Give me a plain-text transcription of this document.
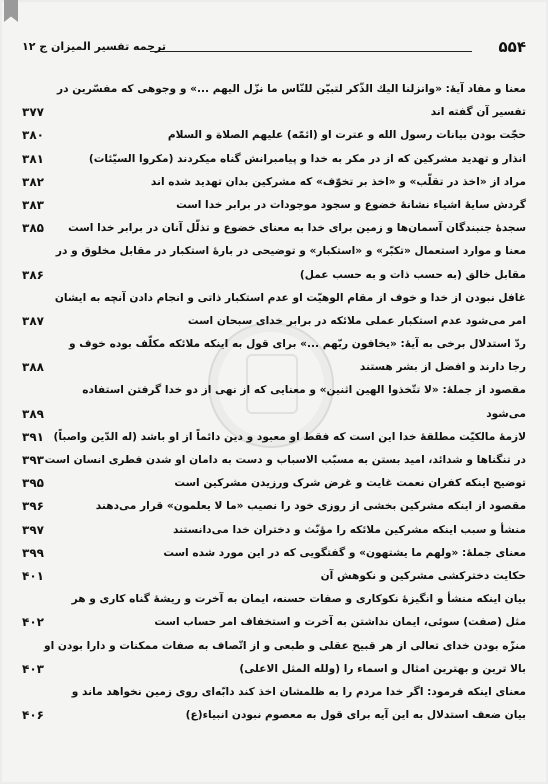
۵۵۴
ترجمه تفسیر المیزان ج ۱۲
معنا و مفاد آیهٔ: «وانزلنا الیك الذّكر لتبیّن للنّاس ما نزّل الیهم ...» و وجوهی که مفسّرین در
تفسیر آن گفته اند
۳۷۷
حجّت بودن بیانات رسول الله و عترت او (ائمّه) علیهم الصلاة و السلام
۳۸۰
انذار و تهدید مشرکین که از در مکر به خدا و پیامبرانش گناه میکردند (مکروا السیّئات)
۳۸۱
مراد از «اخذ در تقلّب» و «اخذ بر تخوّف» که مشرکین بدان تهدید شده اند
۳۸۲
گردش سایهٔ اشیاء نشانهٔ خضوع و سجود موجودات در برابر خدا است
۳۸۳
سجدهٔ جنبندگان آسمان‌ها و زمین برای خدا به معنای خضوع و تذلّل آنان در برابر خدا است
۳۸۵
معنا و موارد استعمال «تکبّر» و «استکبار» و توضیحی در بارهٔ استکبار در مقابل مخلوق و در
مقابل خالق (به حسب ذات و به حسب عمل)
۳۸۶
غافل نبودن از خدا و خوف از مقام الوهیّت او عدم استکبار ذاتی و انجام دادن آنچه به ایشان
امر می‌شود عدم استکبار عملی ملائکه در برابر خدای سبحان است
۳۸۷
ردّ استدلال برخی به آیهٔ: «یخافون ربّهم ...» برای قول به اینکه ملائکه مکلّف بوده خوف و
رجا دارند و افضل از بشر هستند
۳۸۸
مقصود از جملهٔ: «لا تتّخذوا الهین اثنین» و معنایی که از نهی از دو خدا گرفتن استفاده
می‌شود
۳۸۹
لازمهٔ مالکیّت مطلقهٔ خدا این است که فقط او معبود و دین دائماً از او باشد (له الدّین واصباً)
۳۹۱
در تنگناها و شدائد، امید بستن به مسبّب الاسباب و دست به دامان او شدن فطری انسان است
۳۹۳
توضیح اینکه کفران نعمت غایت و غرض شرک ورزیدن مشرکین است
۳۹۵
مقصود از اینکه مشرکین بخشی از روزی خود را نصیب «ما لا یعلمون» قرار می‌دهند
۳۹۶
منشأ و سبب اینکه مشرکین ملائکه را مؤنّث و دختران خدا می‌دانستند
۳۹۷
معنای جملهٔ: «ولهم ما یشتهون» و گفتگویی که در این مورد شده است
۳۹۹
حکایت دخترکشی مشرکین و نکوهش آن
۴۰۱
بیان اینکه منشأ و انگیزهٔ نکوکاری و صفات حسنه، ایمان به آخرت و ریشهٔ گناه کاری و هر
مثل (صفت) سوئی، ایمان نداشتن به آخرت و استخفاف امر حساب است
۴۰۲
منزّه بودن خدای تعالی از هر قبیح عقلی و طبعی و از اتّصاف به صفات ممکنات و دارا بودن او
بالا ترین و بهترین امثال و اسماء را (ولله المثل الاعلی)
۴۰۳
معنای اینکه فرمود: اگر خدا مردم را به ظلمشان اخذ کند دابّه‌ای روی زمین نخواهد ماند و
بیان ضعف استدلال به این آیه برای قول به معصوم نبودن انبیاء(ع)
۴۰۶
